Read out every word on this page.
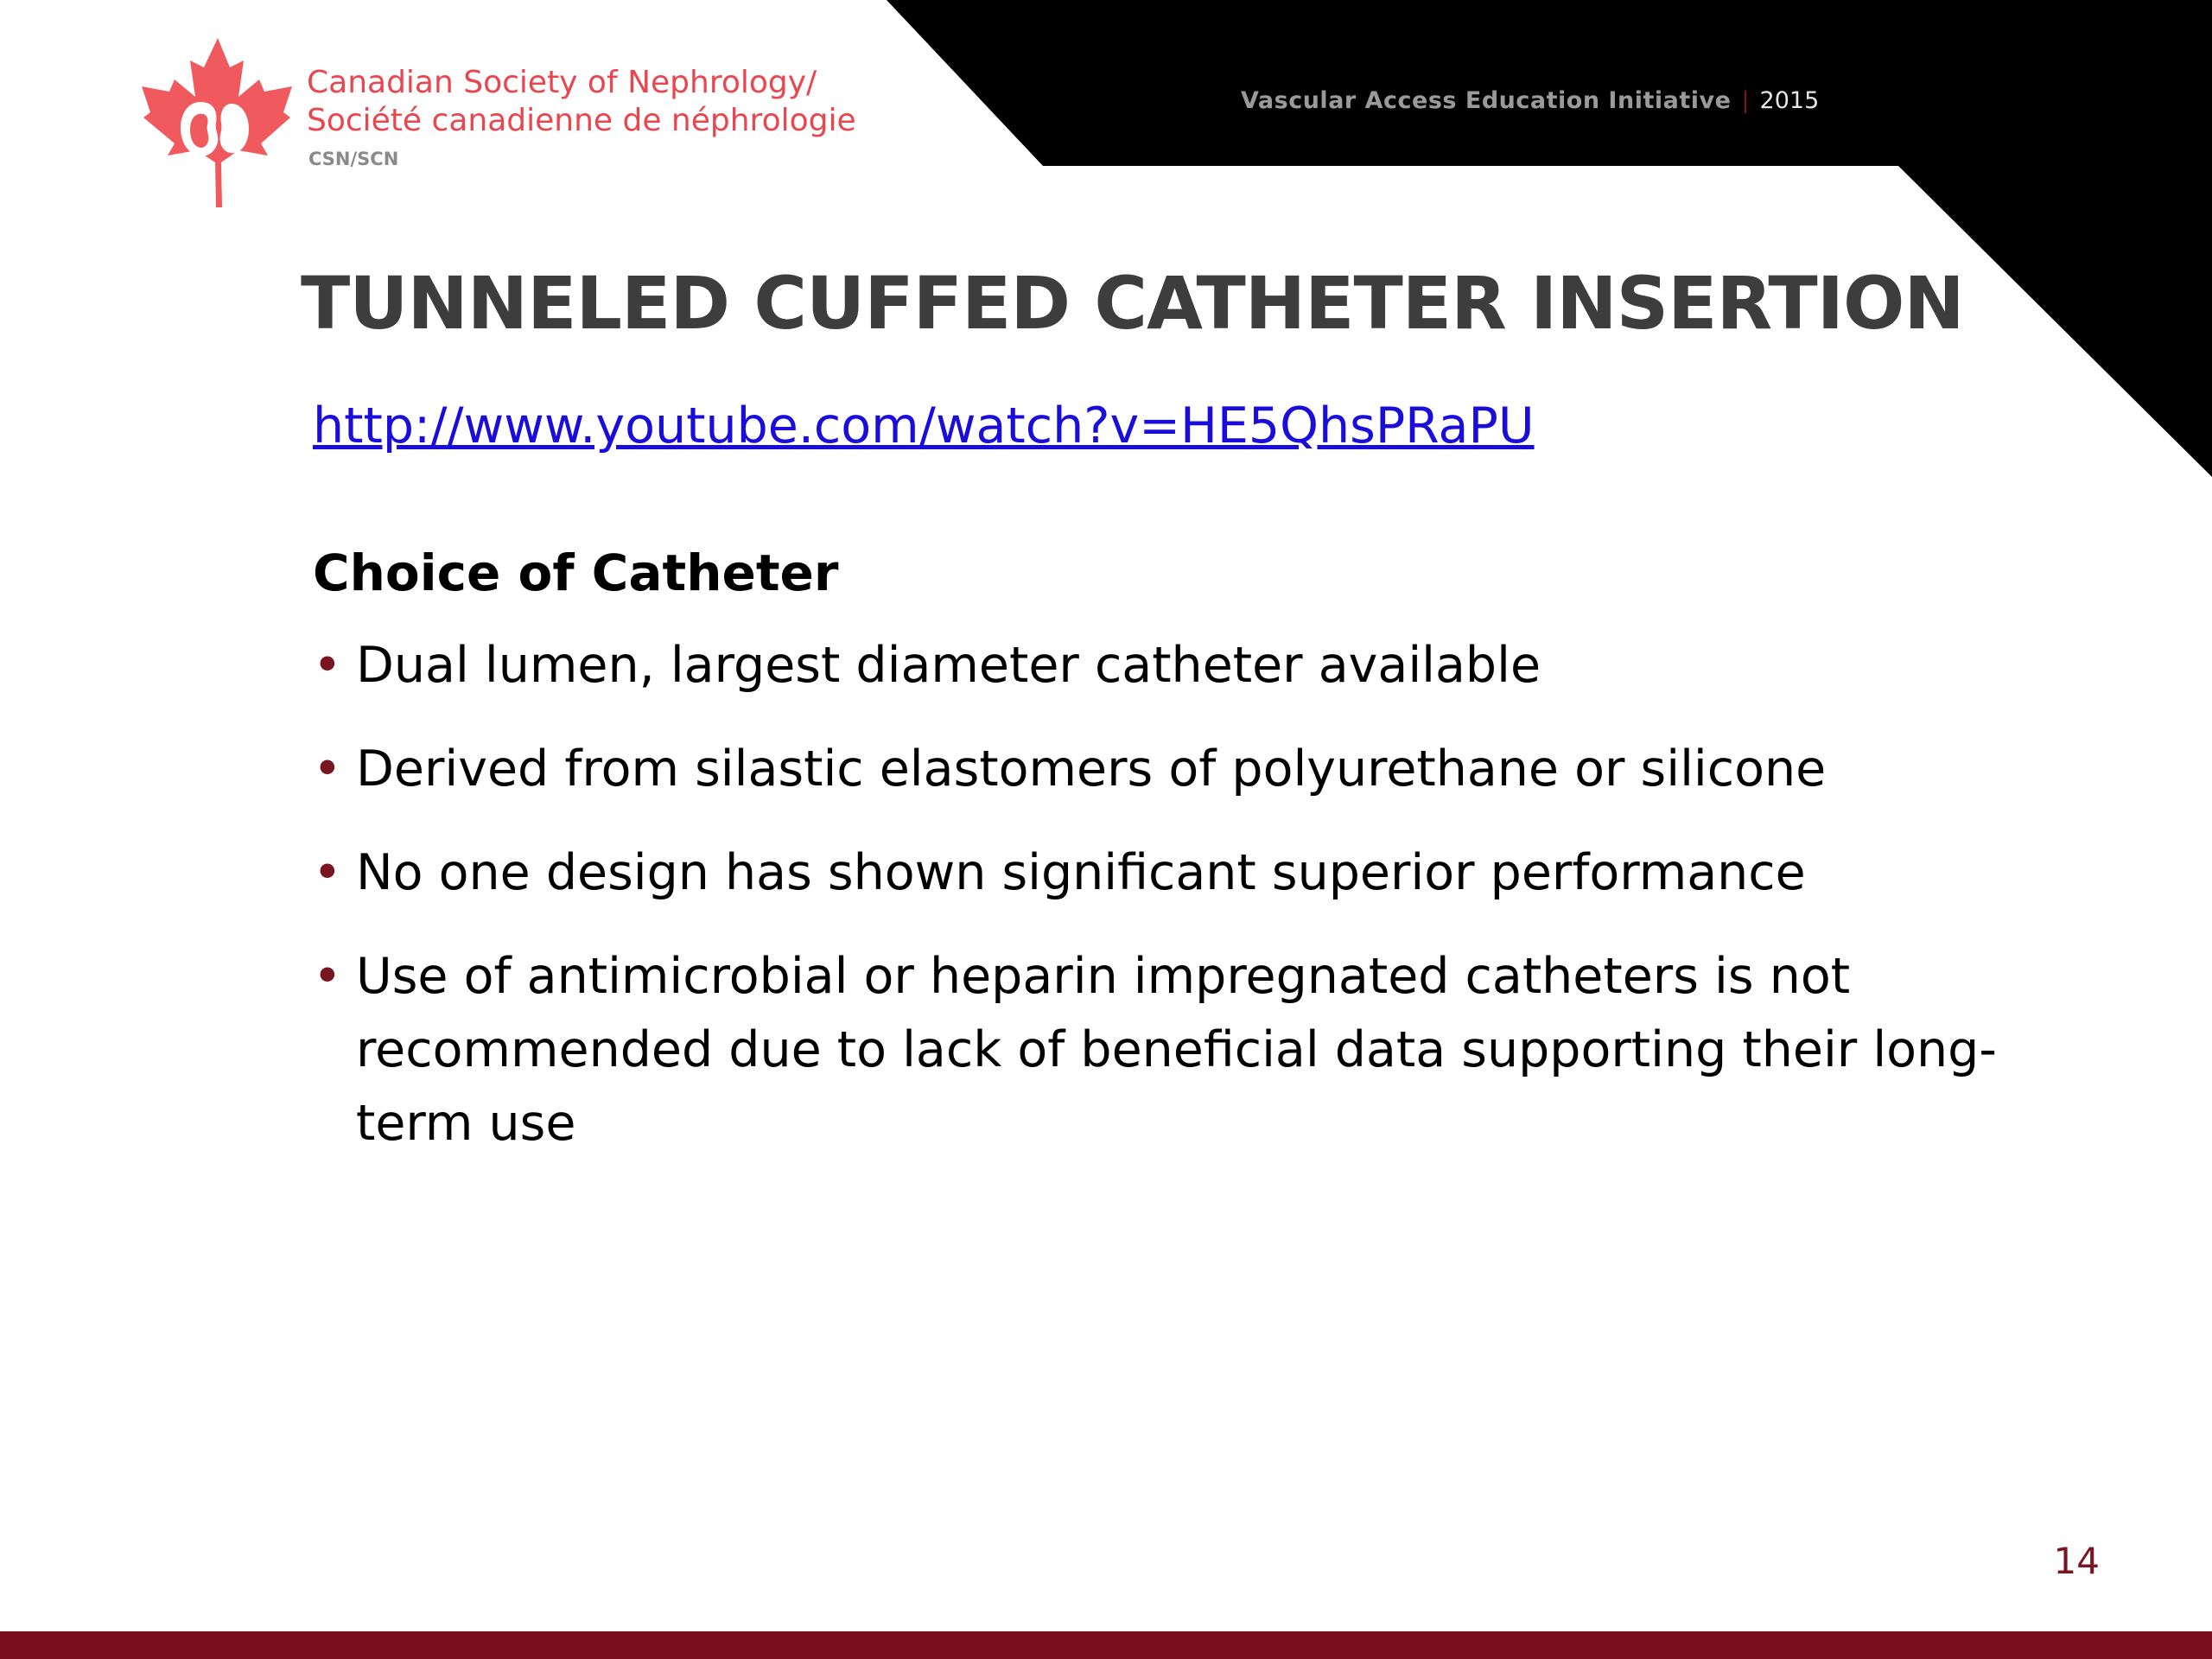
Canadian Society of Nephrology/
Société canadienne de néphrologie
CSN/SCN
Vascular Access Education Initiative | 2015
TUNNELED CUFFED CATHETER INSERTION
http://www.youtube.com/watch?v=HE5QhsPRaPU
Choice of Catheter
• Dual lumen, largest diameter catheter available
• Derived from silastic elastomers of polyurethane or silicone
• No one design has shown significant superior performance
• Use of antimicrobial or heparin impregnated catheters is not recommended due to lack of beneficial data supporting their long-term use
14
